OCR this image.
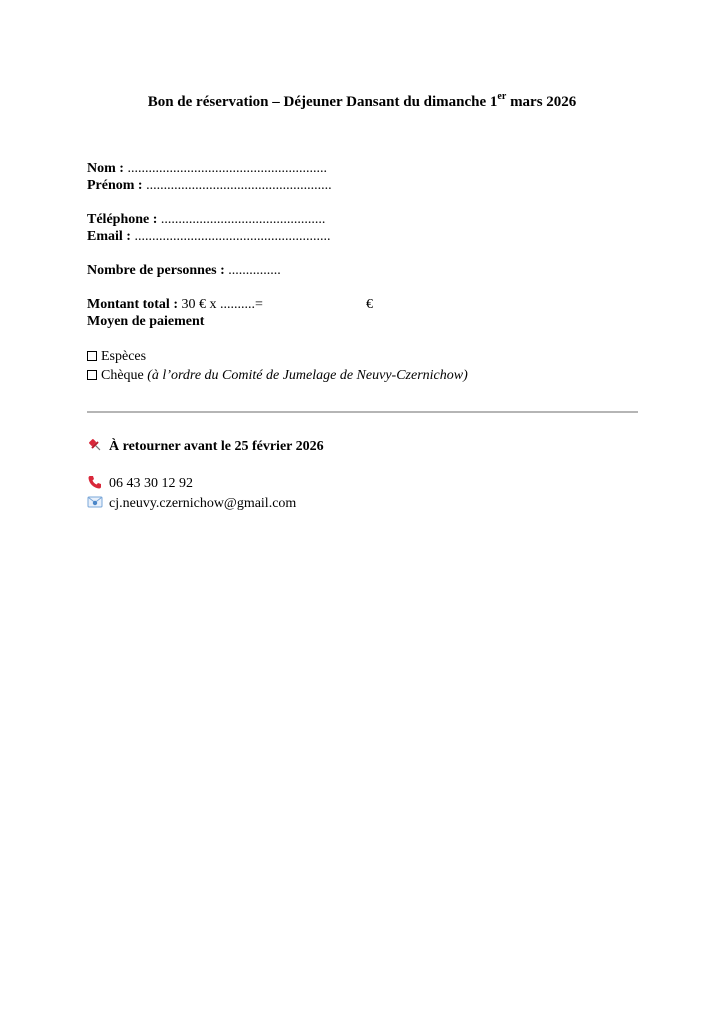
Bon de réservation – Déjeuner Dansant du dimanche 1er mars 2026
Nom : .........................................................
Prénom : .....................................................
Téléphone : ...............................................
Email : ........................................................
Nombre de personnes : ...............
Montant total : 30 € x ..........=	€
Moyen de paiement
Espèces
Chèque (à l’ordre du Comité de Jumelage de Neuvy-Czernichow)
À retourner avant le 25 février 2026
06 43 30 12 92
cj.neuvy.czernichow@gmail.com
